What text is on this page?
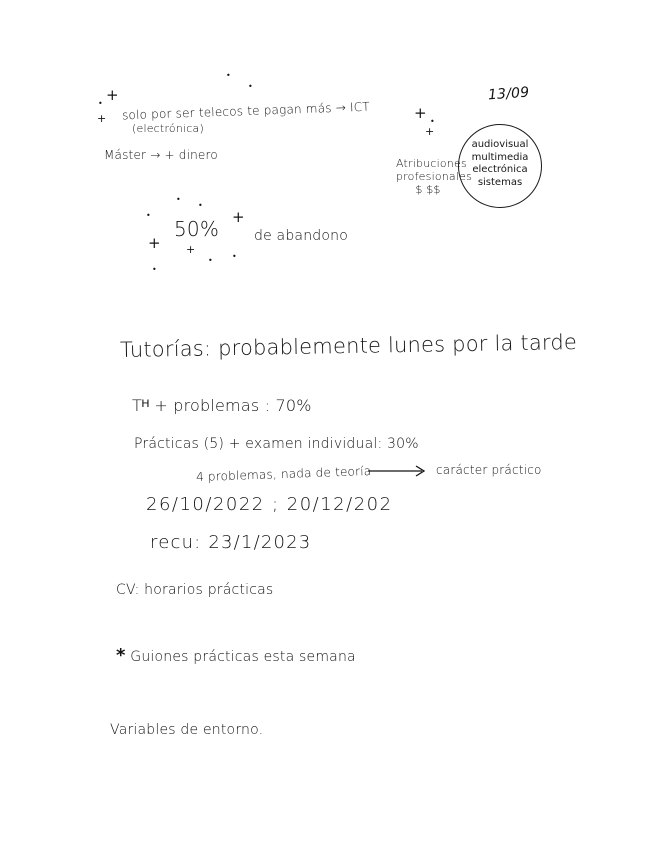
13/09
•
•
+
•
+ solo por ser telecos te pagan más → ICT	+ •
+
(electrónica)
Máster → + dinero
Atribuciones
profesionales
$ $$
audiovisual
multimedia
electrónica
sistemas
•
•
•	+
50% de abandono
+ +
• •
•
Tutorías: probablemente lunes por la tarde
Tᴴ + problemas : 70%
Prácticas (5) + examen individual: 30%
4 problemas, nada de teoría	carácter práctico
26/10/2022 ; 20/12/202
recu: 23/1/2023
CV: horarios prácticas
* Guiones prácticas esta semana
Variables de entorno.
